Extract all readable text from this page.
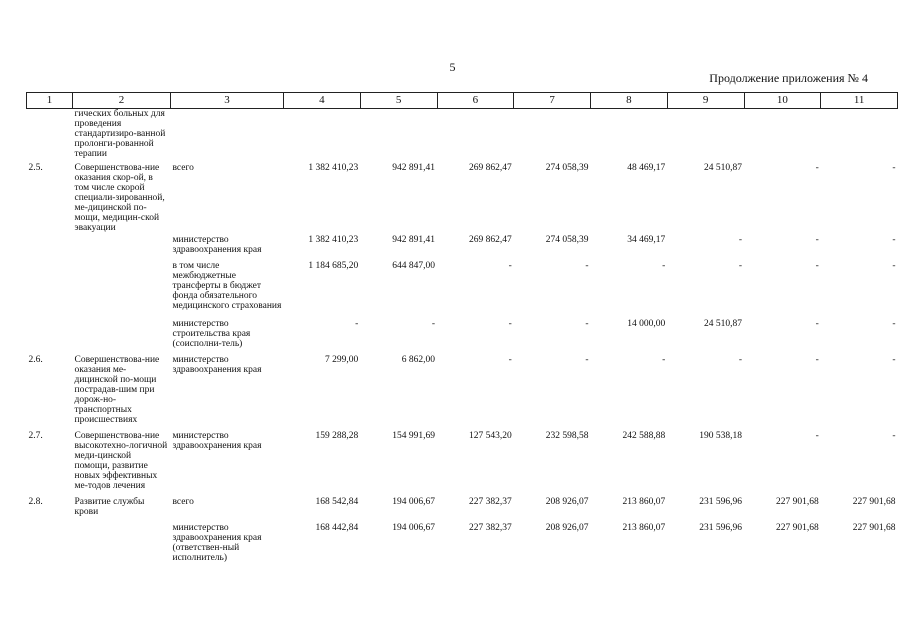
5
Продолжение приложения № 4
1	2	3	4	5	6	7	8	9	10	11
	гических больных для проведения стандартизиро-ванной пролонги-рованной терапии									
2.5.	Совершенствова-ние оказания скор-ой, в том числе скорой специали-зированной, ме-дицинской по-мощи, медицин-ской эвакуации	всего	1 382 410,23	942 891,41	269 862,47	274 058,39	48 469,17	24 510,87	-	-
		министерство здравоохранения края	1 382 410,23	942 891,41	269 862,47	274 058,39	34 469,17	-	-	-
		в том числе межбюджетные трансферты в бюджет фонда обязательного медицинского страхования	1 184 685,20	644 847,00	-	-	-	-	-	-
		министерство строительства края (соисполни-тель)	-	-	-	-	14 000,00	24 510,87	-	-
2.6.	Совершенствова-ние оказания ме-дицинской по-мощи пострадав-шим при дорож-но-транспортных происшествиях	министерство здравоохранения края	7 299,00	6 862,00	-	-	-	-	-	-
2.7.	Совершенствова-ние высокотехно-логичной меди-цинской помощи, развитие новых эффективных ме-тодов лечения	министерство здравоохранения края	159 288,28	154 991,69	127 543,20	232 598,58	242 588,88	190 538,18	-	-
2.8.	Развитие службы крови	всего	168 542,84	194 006,67	227 382,37	208 926,07	213 860,07	231 596,96	227 901,68	227 901,68
		министерство здравоохранения края (ответствен-ный исполнитель)	168 442,84	194 006,67	227 382,37	208 926,07	213 860,07	231 596,96	227 901,68	227 901,68
